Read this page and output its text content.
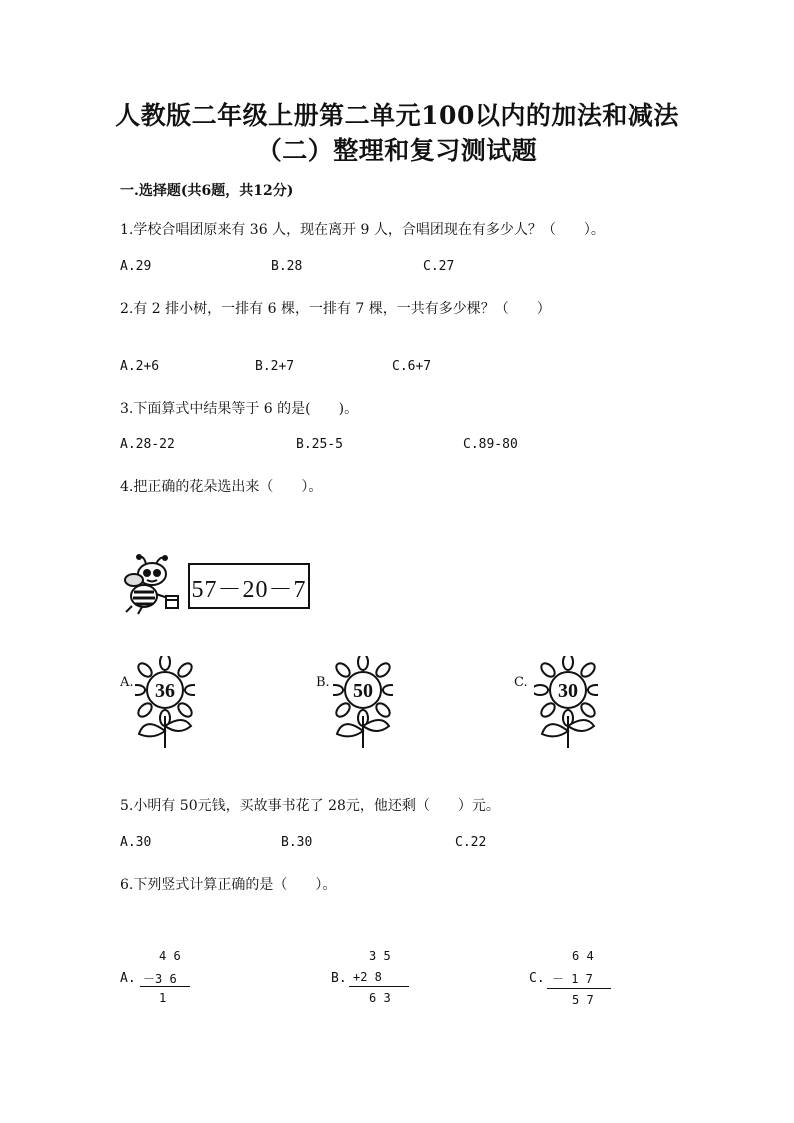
人教版二年级上册第二单元100以内的加法和减法
（二）整理和复习测试题
一.选择题(共6题，共12分)
1.学校合唱团原来有 36 人，现在离开 9 人，合唱团现在有多少人？（　　）。
A.29	B.28	C.27
2.有 2 排小树，一排有 6 棵，一排有 7 棵，一共有多少棵？（　　）
A.2+6	B.2+7	C.6+7
3.下面算式中结果等于 6 的是(　　)。
A.28-22	B.25-5	C.89-80
4.把正确的花朵选出来（　　）。
57－20－7
A.	B.	C.
36	50	30
5.小明有 50元钱，买故事书花了 28元，他还剩（　　）元。
A.30	B.30	C.22
6.下列竖式计算正确的是（　　）。
A.
4 6
－3 6
1
B.
3 5
+2 8
6 3
C.
6 4
－ 1 7
5 7
